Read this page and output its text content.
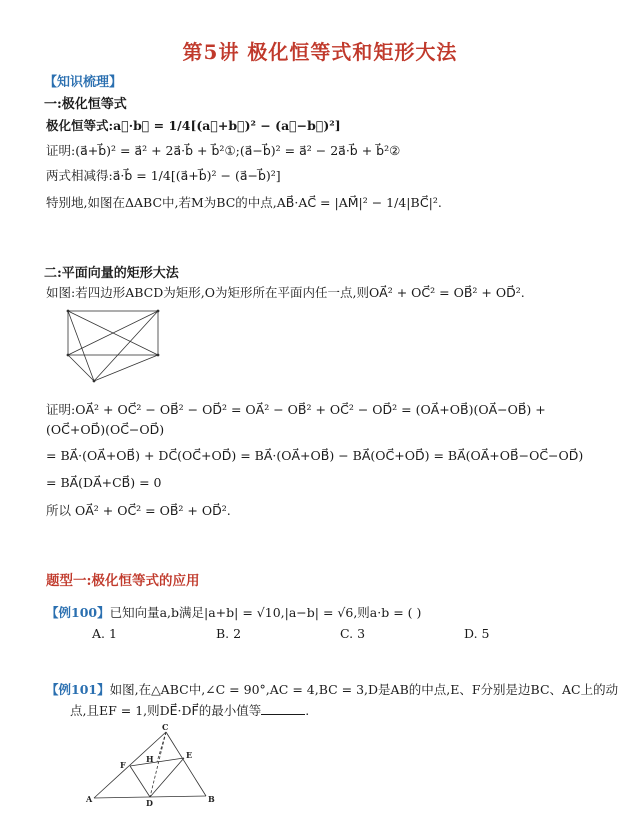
第5讲 极化恒等式和矩形大法
【知识梳理】
一:极化恒等式
极化恒等式:a⃗·b⃗ = 1/4[(a⃗+b⃗)² − (a⃗−b⃗)²]
证明:(a⃗+b⃗)² = a⃗² + 2a⃗·b⃗ + b⃗²①;(a⃗−b⃗)² = a⃗² − 2a⃗·b⃗ + b⃗²②
两式相减得:a⃗·b⃗ = 1/4[(a⃗+b⃗)² − (a⃗−b⃗)²]
特别地,如图在ΔABC中,若M为BC的中点,AB⃗·AC⃗ = |AM⃗|² − 1/4|BC⃗|².
二:平面向量的矩形大法
如图:若四边形ABCD为矩形,O为矩形所在平面内任一点,则OA⃗² + OC⃗² = OB⃗² + OD⃗².
证明:OA⃗² + OC⃗² − OB⃗² − OD⃗² = OA⃗² − OB⃗² + OC⃗² − OD⃗² = (OA⃗+OB⃗)(OA⃗−OB⃗) +
(OC⃗+OD⃗)(OC⃗−OD⃗)
= BA⃗·(OA⃗+OB⃗) + DC⃗(OC⃗+OD⃗) = BA⃗·(OA⃗+OB⃗) − BA⃗(OC⃗+OD⃗) = BA⃗(OA⃗+OB⃗−OC⃗−OD⃗)
= BA⃗(DA⃗+CB⃗) = 0
所以 OA⃗² + OC⃗² = OB⃗² + OD⃗².
题型一:极化恒等式的应用
【例100】已知向量a,b满足|a+b| = √10,|a−b| = √6,则a·b = ( )
A. 1	B. 2	C. 3	D. 5
【例101】如图,在△ABC中,∠C = 90°,AC = 4,BC = 3,D是AB的中点,E、F分别是边BC、AC上的动
点,且EF = 1,则DE⃗·DF⃗的最小值等	.
C
H	E
F
A	D	B
